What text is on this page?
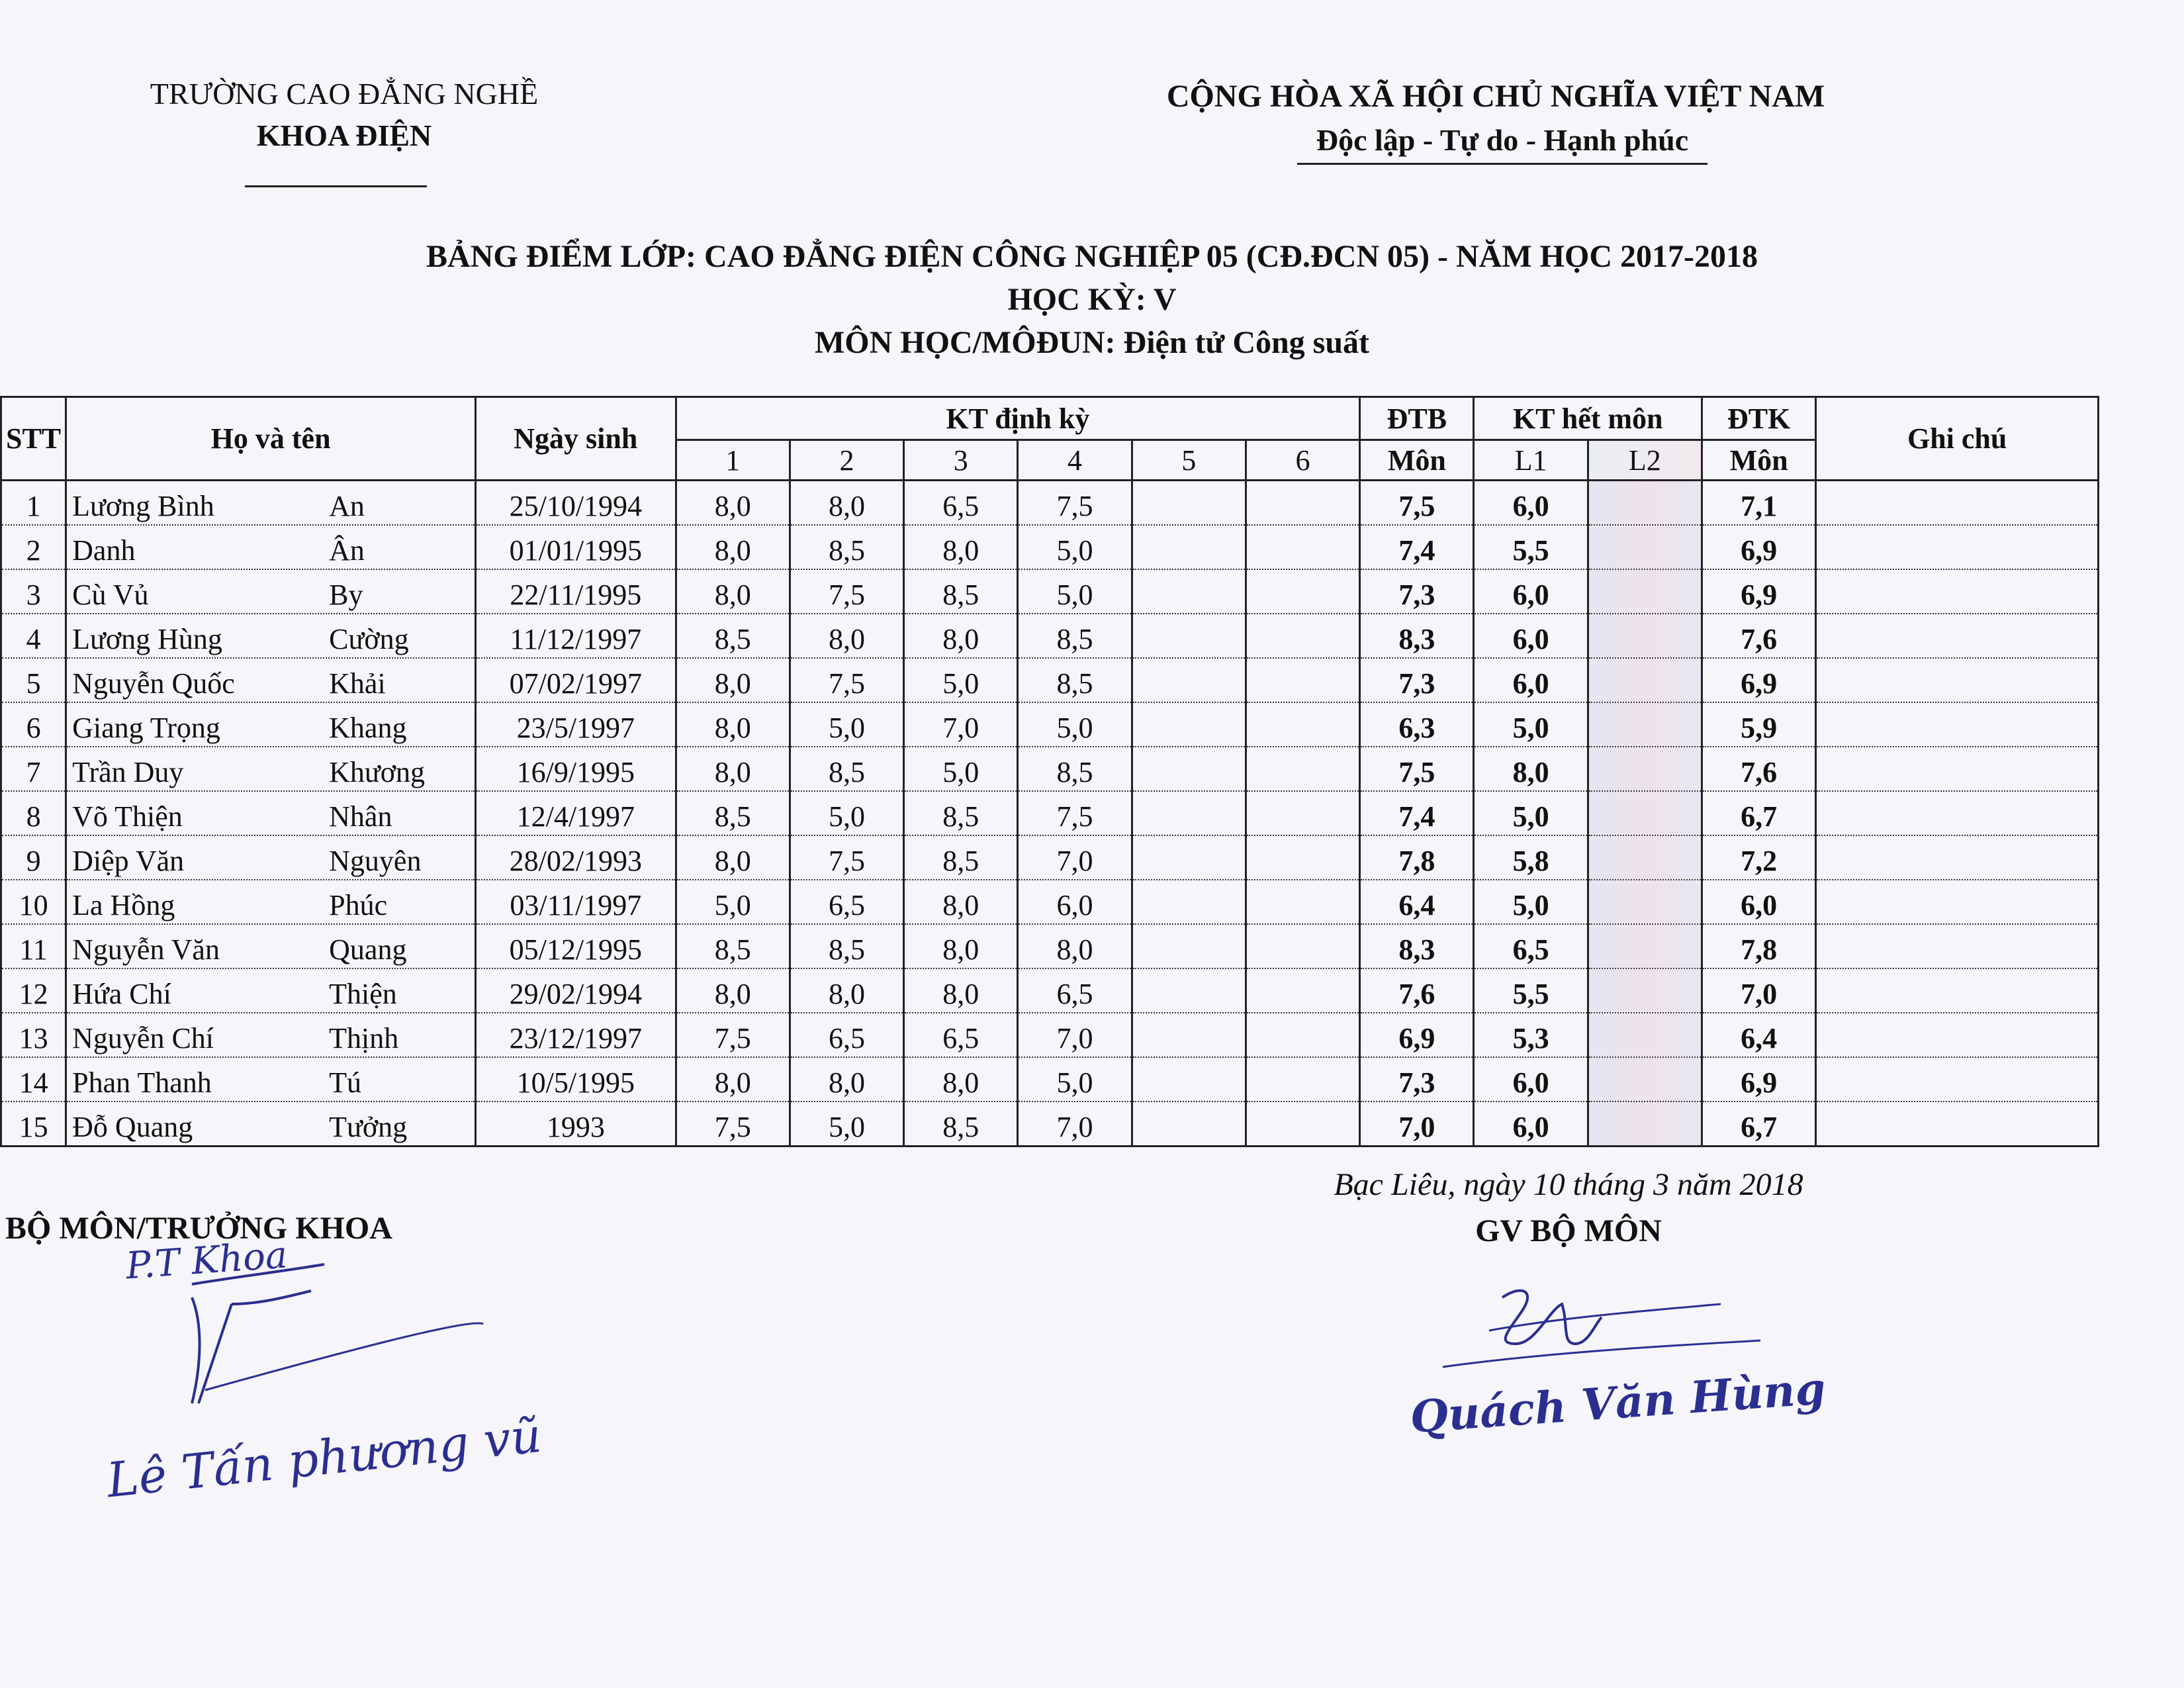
TRƯỜNG CAO ĐẲNG NGHỀ
KHOA ĐIỆN
CỘNG HÒA XÃ HỘI CHỦ NGHĨA VIỆT NAM
Độc lập - Tự do - Hạnh phúc
BẢNG ĐIỂM LỚP: CAO ĐẲNG ĐIỆN CÔNG NGHIỆP 05 (CĐ.ĐCN 05) - NĂM HỌC 2017-2018
HỌC KỲ: V
MÔN HỌC/MÔĐUN: Điện tử Công suất
STT	Họ và tên	Ngày sinh	KT định kỳ						ĐTB	KT hết môn		ĐTK	Ghi chú
			1	2	3	4	5	6	Môn	L1	L2	Môn	
1	Lương Bình An	25/10/1994	8,0	8,0	6,5	7,5			7,5	6,0		7,1	
2	Danh Ân	01/01/1995	8,0	8,5	8,0	5,0			7,4	5,5		6,9	
3	Cù Vủ By	22/11/1995	8,0	7,5	8,5	5,0			7,3	6,0		6,9	
4	Lương Hùng Cường	11/12/1997	8,5	8,0	8,0	8,5			8,3	6,0		7,6	
5	Nguyễn Quốc Khải	07/02/1997	8,0	7,5	5,0	8,5			7,3	6,0		6,9	
6	Giang Trọng Khang	23/5/1997	8,0	5,0	7,0	5,0			6,3	5,0		5,9	
7	Trần Duy Khương	16/9/1995	8,0	8,5	5,0	8,5			7,5	8,0		7,6	
8	Võ Thiện Nhân	12/4/1997	8,5	5,0	8,5	7,5			7,4	5,0		6,7	
9	Diệp Văn Nguyên	28/02/1993	8,0	7,5	8,5	7,0			7,8	5,8		7,2	
10	La Hồng Phúc	03/11/1997	5,0	6,5	8,0	6,0			6,4	5,0		6,0	
11	Nguyễn Văn Quang	05/12/1995	8,5	8,5	8,0	8,0			8,3	6,5		7,8	
12	Hứa Chí Thiện	29/02/1994	8,0	8,0	8,0	6,5			7,6	5,5		7,0	
13	Nguyễn Chí Thịnh	23/12/1997	7,5	6,5	6,5	7,0			6,9	5,3		6,4	
14	Phan Thanh Tú	10/5/1995	8,0	8,0	8,0	5,0			7,3	6,0		6,9	
15	Đỗ Quang Tưởng	1993	7,5	5,0	8,5	7,0			7,0	6,0		6,7	
Bạc Liêu, ngày 10 tháng 3 năm 2018
GV BỘ MÔN
BỘ MÔN/TRƯỞNG KHOA
P.T Khoa
Lê Tấn phương vũ
Quách Văn Hùng
